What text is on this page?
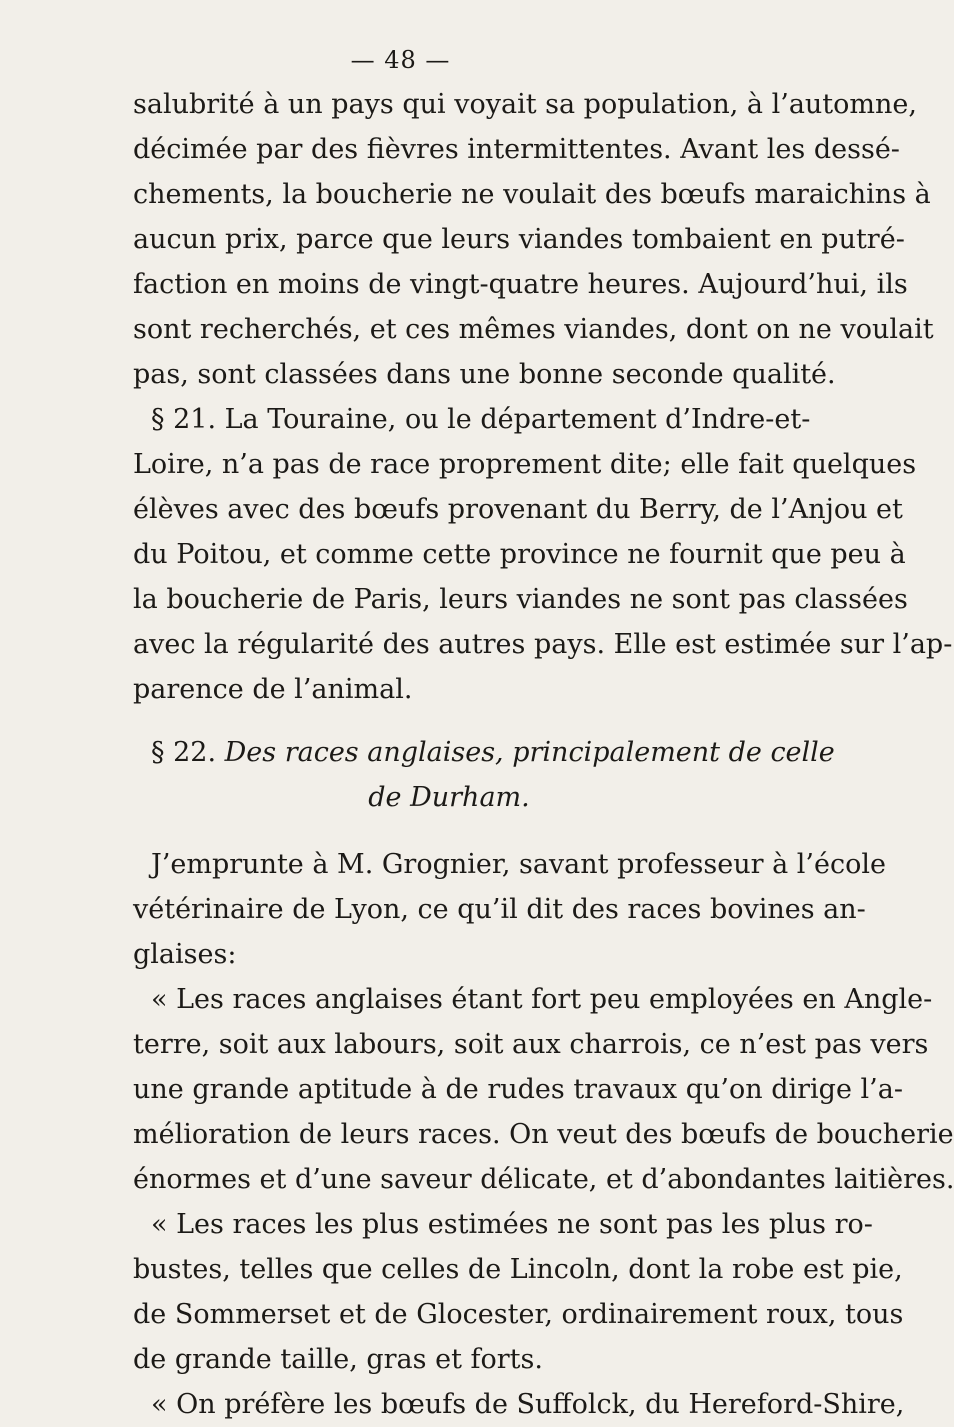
— 48 —
salubrité à un pays qui voyait sa population, à l’automne,
décimée par des fièvres intermittentes. Avant les dessé-
chements, la boucherie ne voulait des bœufs maraichins à
aucun prix, parce que leurs viandes tombaient en putré-
faction en moins de vingt-quatre heures. Aujourd’hui, ils
sont recherchés, et ces mêmes viandes, dont on ne voulait
pas, sont classées dans une bonne seconde qualité.
§ 21. La Touraine, ou le département d’Indre-et-
Loire, n’a pas de race proprement dite; elle fait quelques
élèves avec des bœufs provenant du Berry, de l’Anjou et
du Poitou, et comme cette province ne fournit que peu à
la boucherie de Paris, leurs viandes ne sont pas classées
avec la régularité des autres pays. Elle est estimée sur l’ap-
parence de l’animal.
§ 22. Des races anglaises, principalement de celle
de Durham.
J’emprunte à M. Grognier, savant professeur à l’école
vétérinaire de Lyon, ce qu’il dit des races bovines an-
glaises:
« Les races anglaises étant fort peu employées en Angle-
terre, soit aux labours, soit aux charrois, ce n’est pas vers
une grande aptitude à de rudes travaux qu’on dirige l’a-
mélioration de leurs races. On veut des bœufs de boucherie
énormes et d’une saveur délicate, et d’abondantes laitières.
« Les races les plus estimées ne sont pas les plus ro-
bustes, telles que celles de Lincoln, dont la robe est pie,
de Sommerset et de Glocester, ordinairement roux, tous
de grande taille, gras et forts.
« On préfère les bœufs de Suffolck, du Hereford-Shire,
